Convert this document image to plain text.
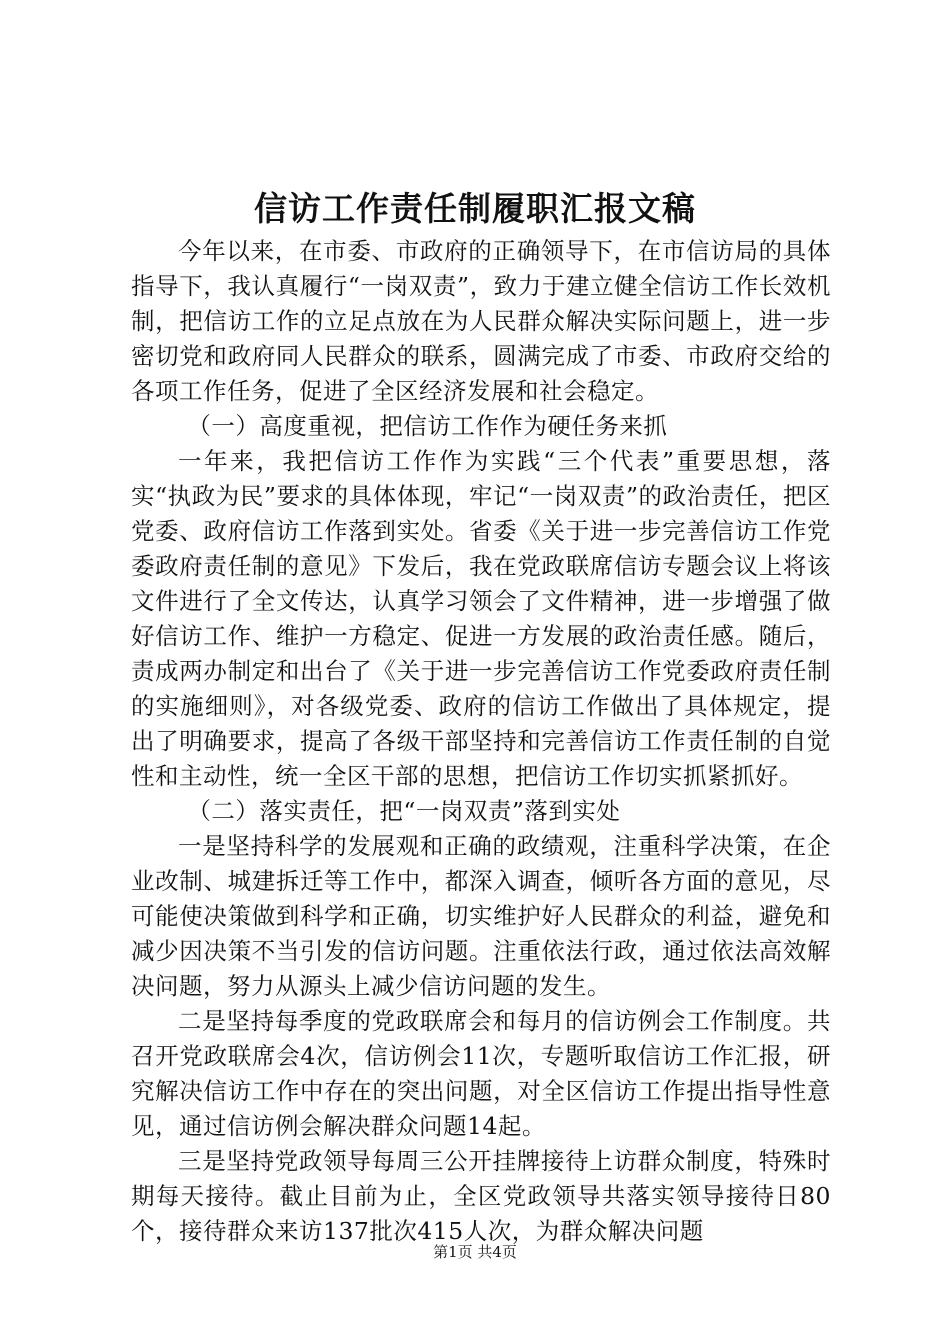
信访工作责任制履职汇报文稿

今年以来，在市委、市政府的正确领导下，在市信访局的具体指导下，我认真履行“一岗双责”，致力于建立健全信访工作长效机制，把信访工作的立足点放在为人民群众解决实际问题上，进一步密切党和政府同人民群众的联系，圆满完成了市委、市政府交给的各项工作任务，促进了全区经济发展和社会稳定。

（一）高度重视，把信访工作作为硬任务来抓

一年来，我把信访工作作为实践“三个代表”重要思想，落实“执政为民”要求的具体体现，牢记“一岗双责”的政治责任，把区党委、政府信访工作落到实处。省委《关于进一步完善信访工作党委政府责任制的意见》下发后，我在党政联席信访专题会议上将该文件进行了全文传达，认真学习领会了文件精神，进一步增强了做好信访工作、维护一方稳定、促进一方发展的政治责任感。随后，责成两办制定和出台了《关于进一步完善信访工作党委政府责任制的实施细则》，对各级党委、政府的信访工作做出了具体规定，提出了明确要求，提高了各级干部坚持和完善信访工作责任制的自觉性和主动性，统一全区干部的思想，把信访工作切实抓紧抓好。

（二）落实责任，把“一岗双责”落到实处

一是坚持科学的发展观和正确的政绩观，注重科学决策，在企业改制、城建拆迁等工作中，都深入调查，倾听各方面的意见，尽可能使决策做到科学和正确，切实维护好人民群众的利益，避免和减少因决策不当引发的信访问题。注重依法行政，通过依法高效解决问题，努力从源头上减少信访问题的发生。

二是坚持每季度的党政联席会和每月的信访例会工作制度。共召开党政联席会4次，信访例会11次，专题听取信访工作汇报，研究解决信访工作中存在的突出问题，对全区信访工作提出指导性意见，通过信访例会解决群众问题14起。

三是坚持党政领导每周三公开挂牌接待上访群众制度，特殊时期每天接待。截止目前为止，全区党政领导共落实领导接待日80个，接待群众来访137批次415人次，为群众解决问题

第1页 共4页
